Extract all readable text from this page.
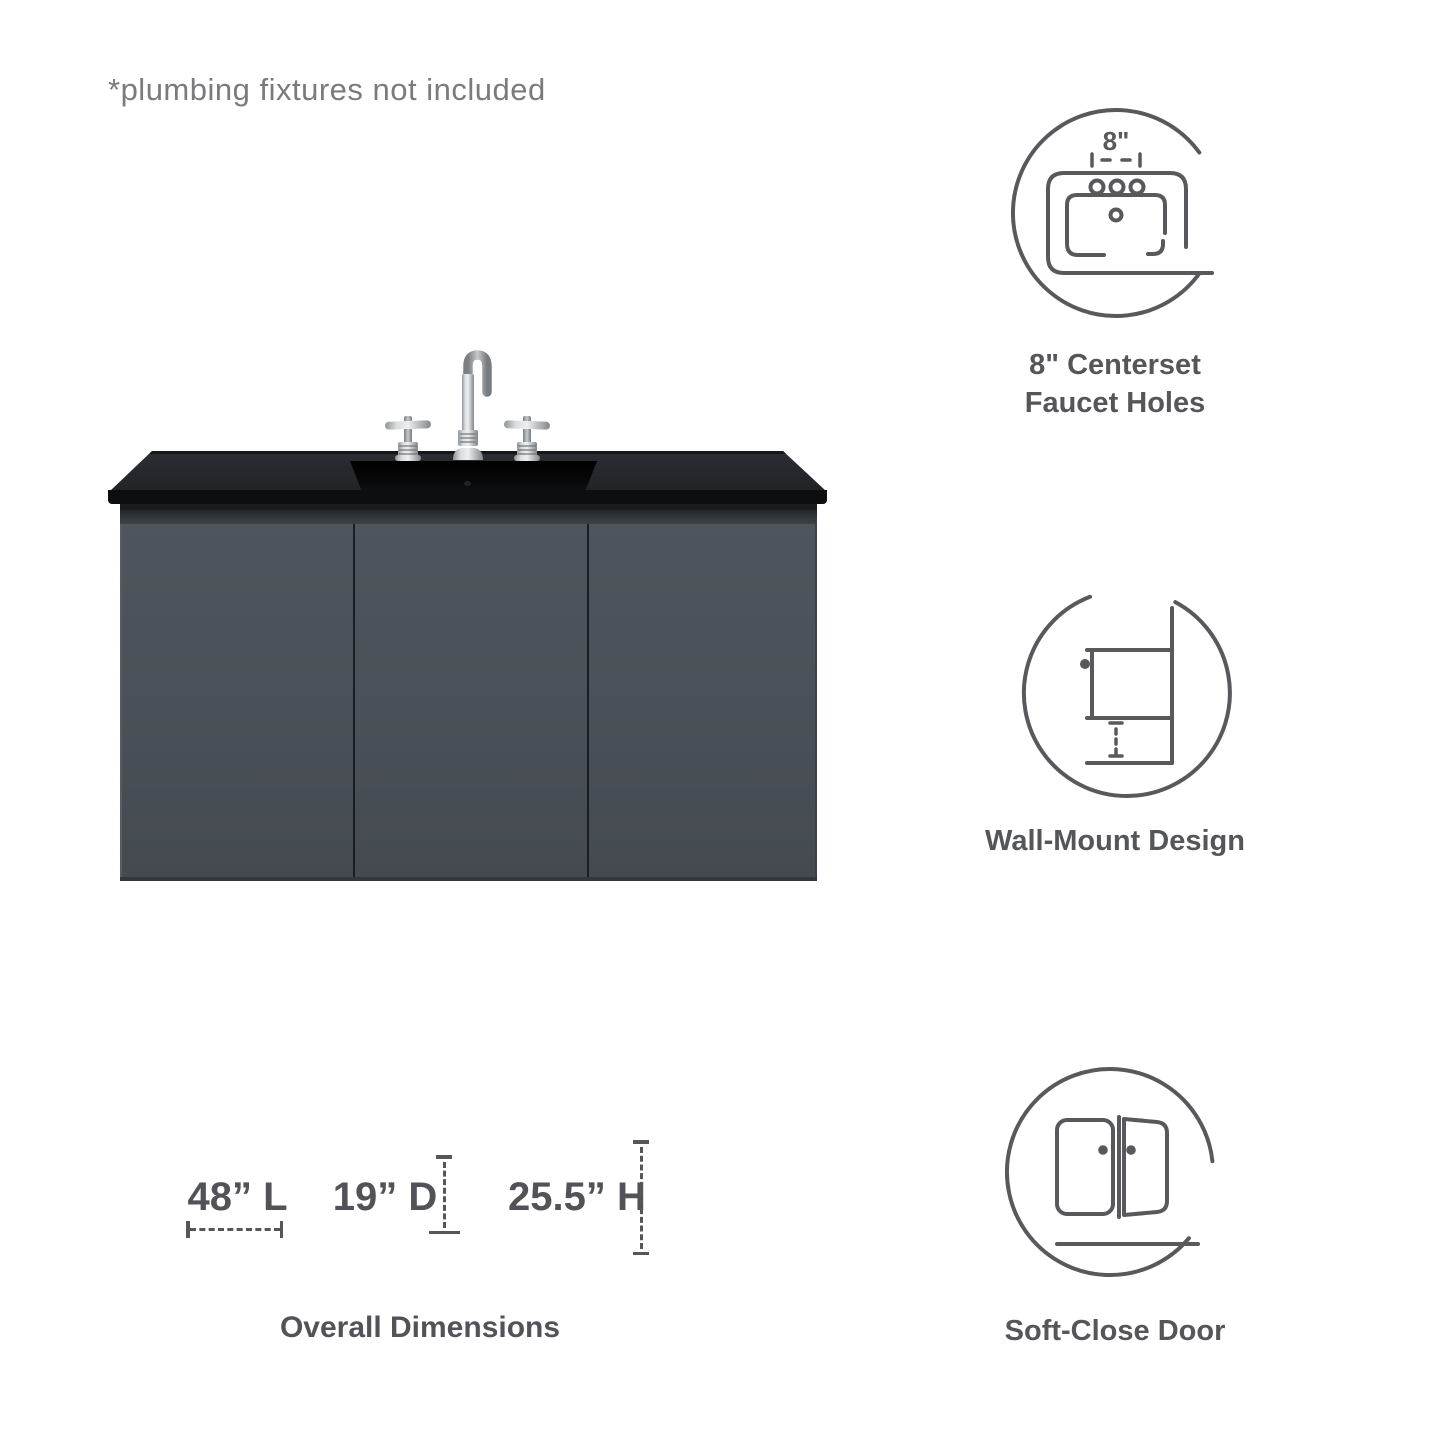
*plumbing fixtures not included
8"
8" Centerset
Faucet Holes
Wall-Mount Design
Soft-Close Door
48” L 19” D 25.5” H
Overall Dimensions
